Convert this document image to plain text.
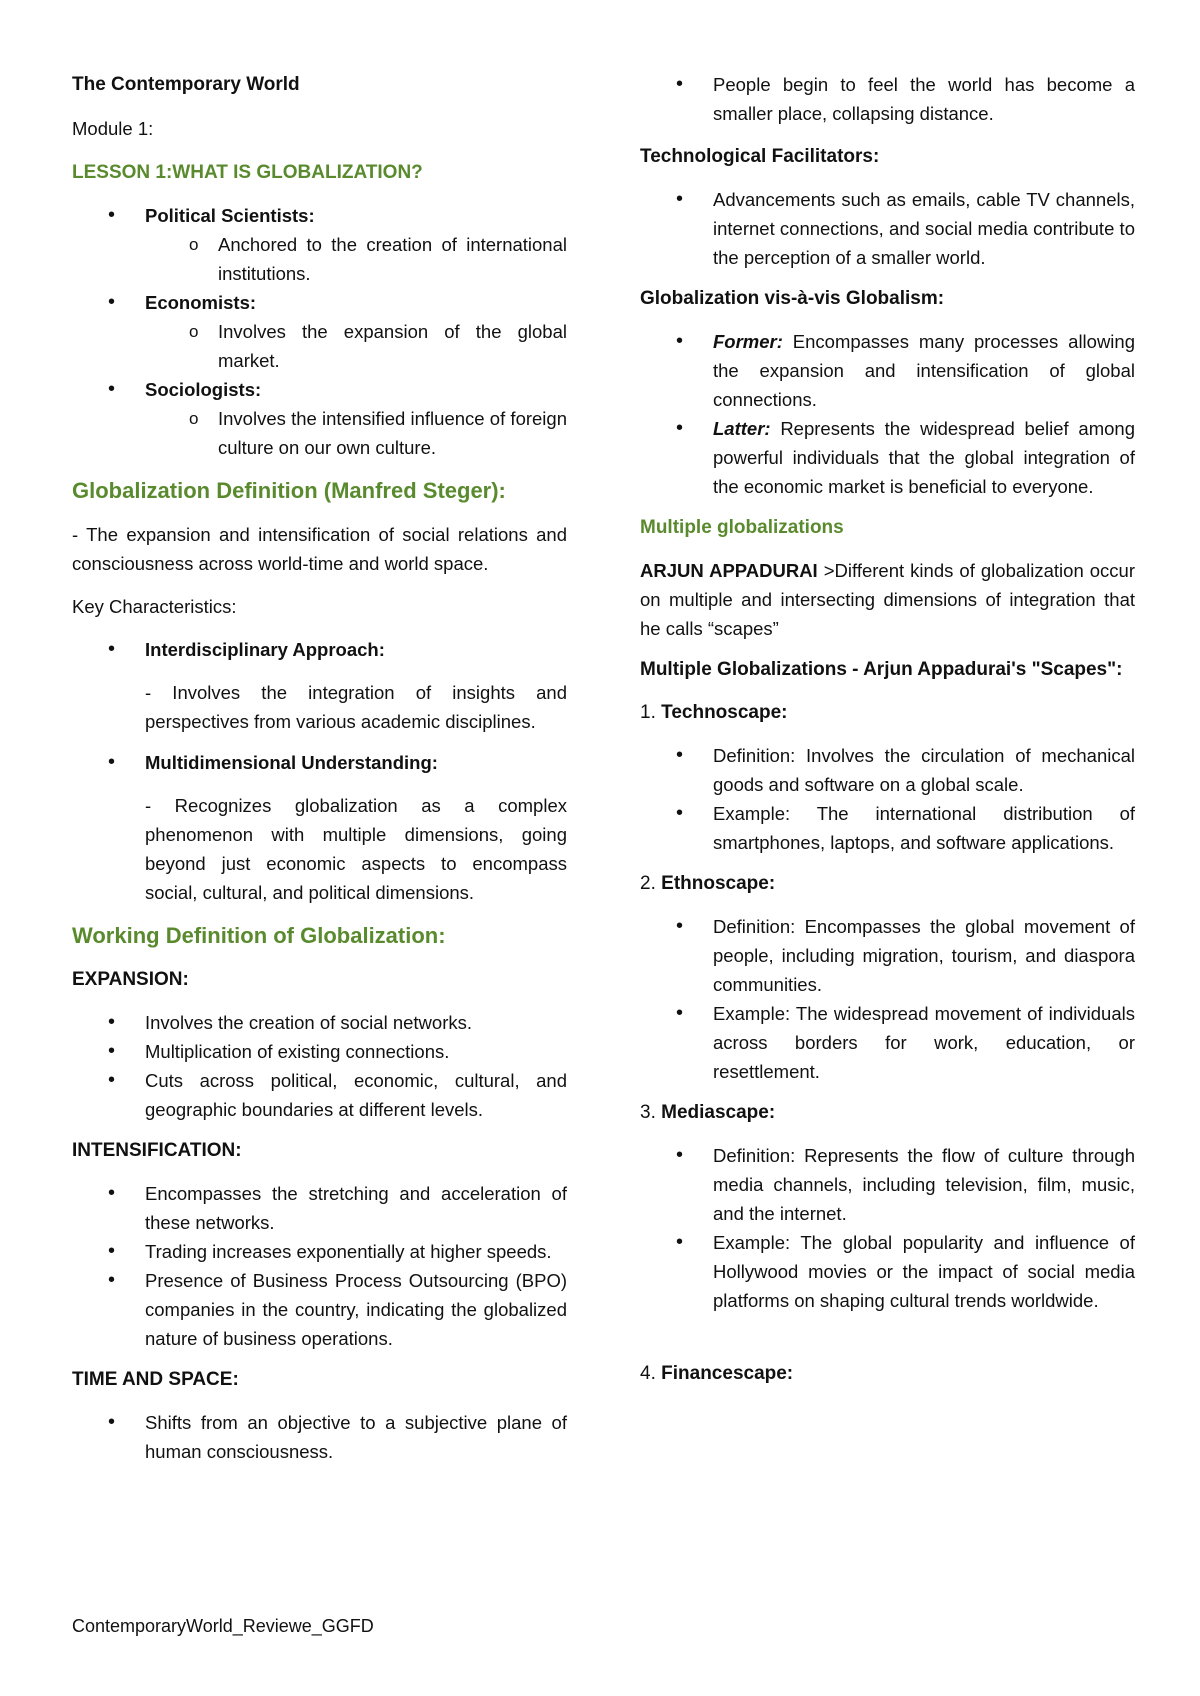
The Contemporary World

Module 1:

LESSON 1:WHAT IS GLOBALIZATION?

• Political Scientists:
o Anchored to the creation of international institutions.
• Economists:
o Involves the expansion of the global market.
• Sociologists:
o Involves the intensified influence of foreign culture on our own culture.

Globalization Definition (Manfred Steger):

- The expansion and intensification of social relations and consciousness across world-time and world space.

Key Characteristics:

• Interdisciplinary Approach:

- Involves the integration of insights and perspectives from various academic disciplines.

• Multidimensional Understanding:

- Recognizes globalization as a complex phenomenon with multiple dimensions, going beyond just economic aspects to encompass social, cultural, and political dimensions.

Working Definition of Globalization:

EXPANSION:

• Involves the creation of social networks.
• Multiplication of existing connections.
• Cuts across political, economic, cultural, and geographic boundaries at different levels.

INTENSIFICATION:

• Encompasses the stretching and acceleration of these networks.
• Trading increases exponentially at higher speeds.
• Presence of Business Process Outsourcing (BPO) companies in the country, indicating the globalized nature of business operations.

TIME AND SPACE:

• Shifts from an objective to a subjective plane of human consciousness.
• People begin to feel the world has become a smaller place, collapsing distance.

Technological Facilitators:

• Advancements such as emails, cable TV channels, internet connections, and social media contribute to the perception of a smaller world.

Globalization vis-à-vis Globalism:

• Former: Encompasses many processes allowing the expansion and intensification of global connections.
• Latter: Represents the widespread belief among powerful individuals that the global integration of the economic market is beneficial to everyone.

Multiple globalizations

ARJUN APPADURAI >Different kinds of globalization occur on multiple and intersecting dimensions of integration that he calls “scapes”

Multiple Globalizations - Arjun Appadurai's "Scapes":

1. Technoscape:

• Definition: Involves the circulation of mechanical goods and software on a global scale.
• Example: The international distribution of smartphones, laptops, and software applications.

2. Ethnoscape:

• Definition: Encompasses the global movement of people, including migration, tourism, and diaspora communities.
• Example: The widespread movement of individuals across borders for work, education, or resettlement.

3. Mediascape:

• Definition: Represents the flow of culture through media channels, including television, film, music, and the internet.
• Example: The global popularity and influence of Hollywood movies or the impact of social media platforms on shaping cultural trends worldwide.

4. Financescape:

ContemporaryWorld_Reviewe_GGFD
